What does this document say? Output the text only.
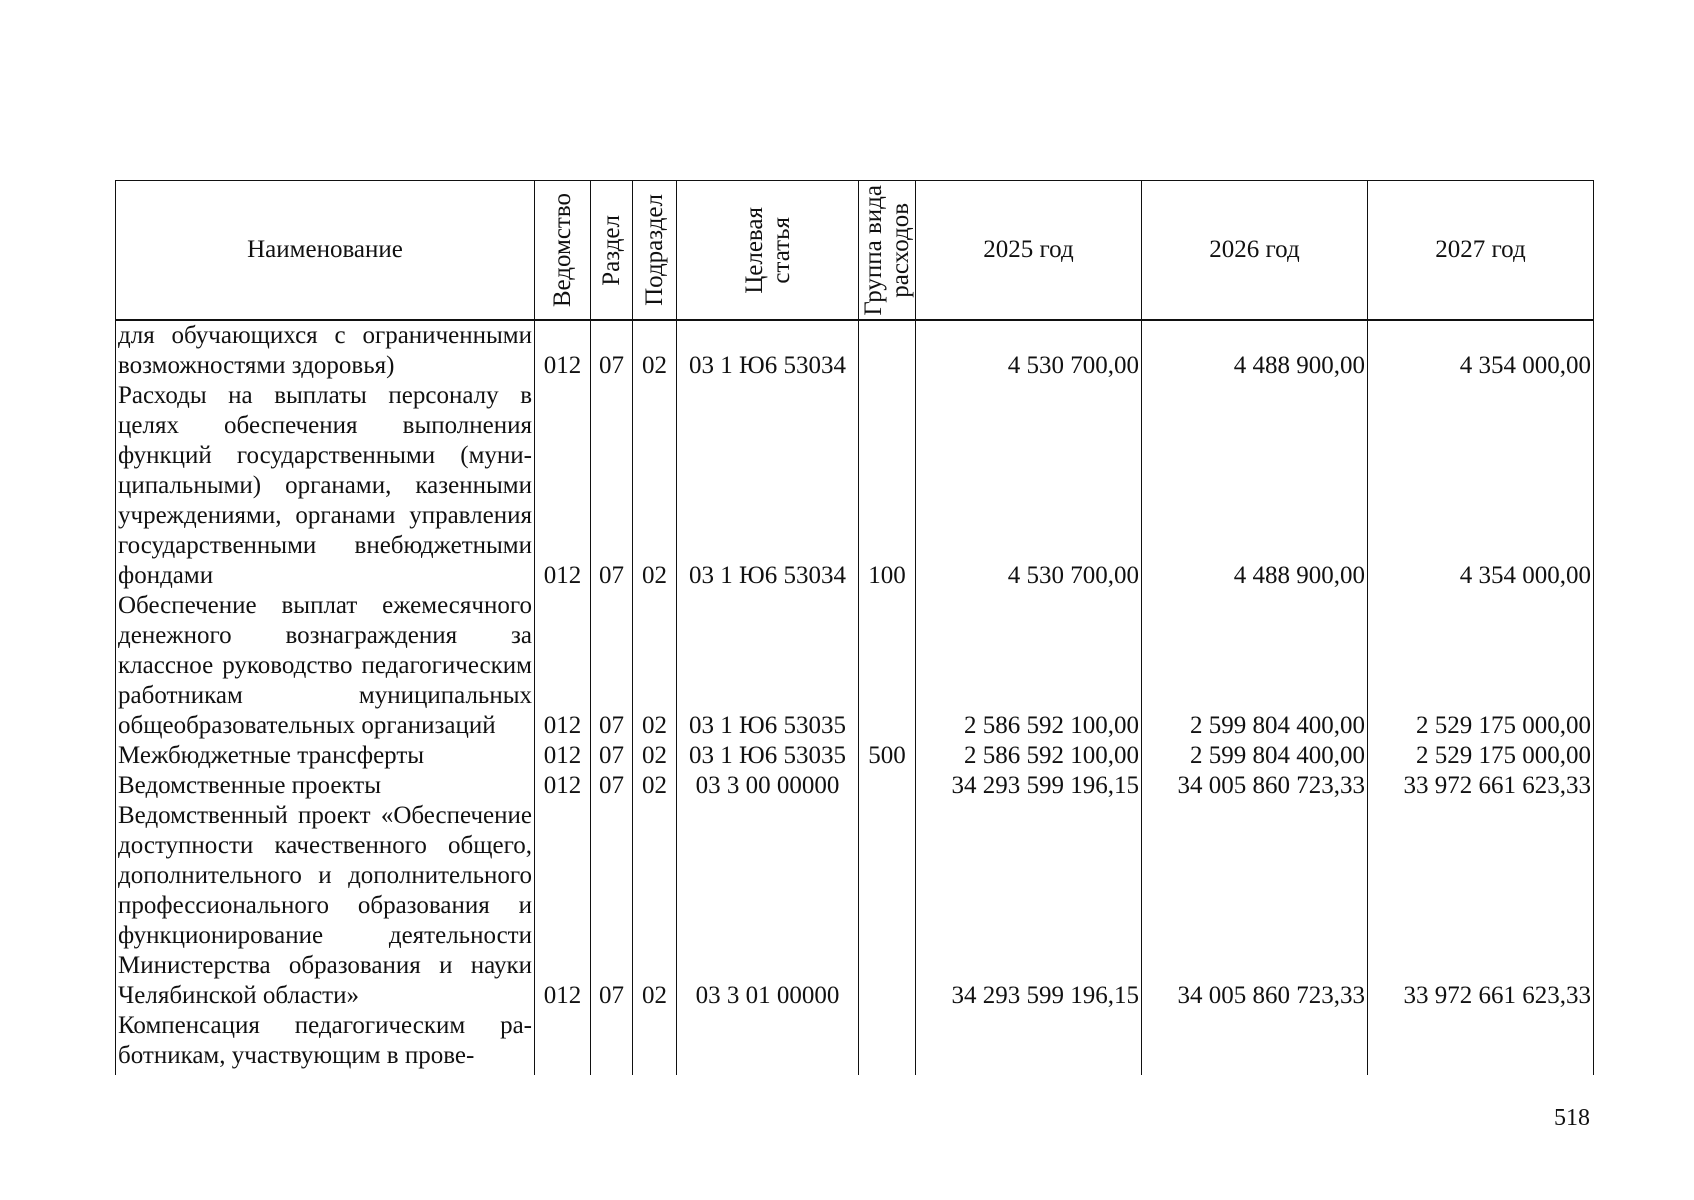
Наименование	Ведомство	Раздел	Подраздел	Целевая статья	Группа вида расходов	2025 год	2026 год	2027 год
для обучающихся с ограниченными возможностями здоровья)	012	07	02	03 1 Ю6 53034		4 530 700,00	4 488 900,00	4 354 000,00
Расходы на выплаты персоналу в целях обеспечения выполнения функций государственными (муниципальными) органами, казенными учреждениями, органами управления государственными внебюджетными фондами	012	07	02	03 1 Ю6 53034	100	4 530 700,00	4 488 900,00	4 354 000,00
Обеспечение выплат ежемесячного денежного вознаграждения за классное руководство педагогическим работникам муниципальных общеобразовательных организаций	012	07	02	03 1 Ю6 53035		2 586 592 100,00	2 599 804 400,00	2 529 175 000,00
Межбюджетные трансферты	012	07	02	03 1 Ю6 53035	500	2 586 592 100,00	2 599 804 400,00	2 529 175 000,00
Ведомственные проекты	012	07	02	03 3 00 00000		34 293 599 196,15	34 005 860 723,33	33 972 661 623,33
Ведомственный проект «Обеспечение доступности качественного общего, дополнительного и дополнительного профессионального образования и функционирование деятельности Министерства образования и науки Челябинской области»	012	07	02	03 3 01 00000		34 293 599 196,15	34 005 860 723,33	33 972 661 623,33
Компенсация педагогическим работникам, участвующим в прове-								
518
